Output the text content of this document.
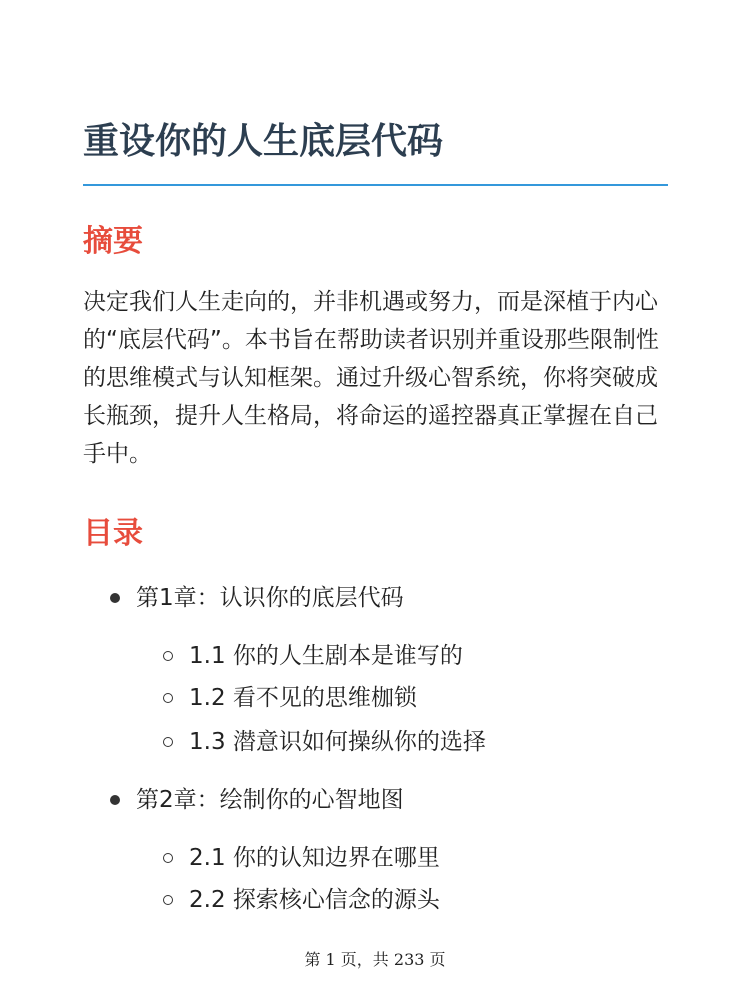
重设你的人生底层代码
摘要

决定我们人生走向的，并非机遇或努力，而是深植于内心的“底层代码”。本书旨在帮助读者识别并重设那些限制性的思维模式与认知框架。通过升级心智系统，你将突破成长瓶颈，提升人生格局，将命运的遥控器真正掌握在自己手中。

目录
第1章：认识你的底层代码
1.1 你的人生剧本是谁写的
1.2 看不见的思维枷锁
1.3 潜意识如何操纵你的选择
第2章：绘制你的心智地图
2.1 你的认知边界在哪里
2.2 探索核心信念的源头
第 1 页，共 233 页
